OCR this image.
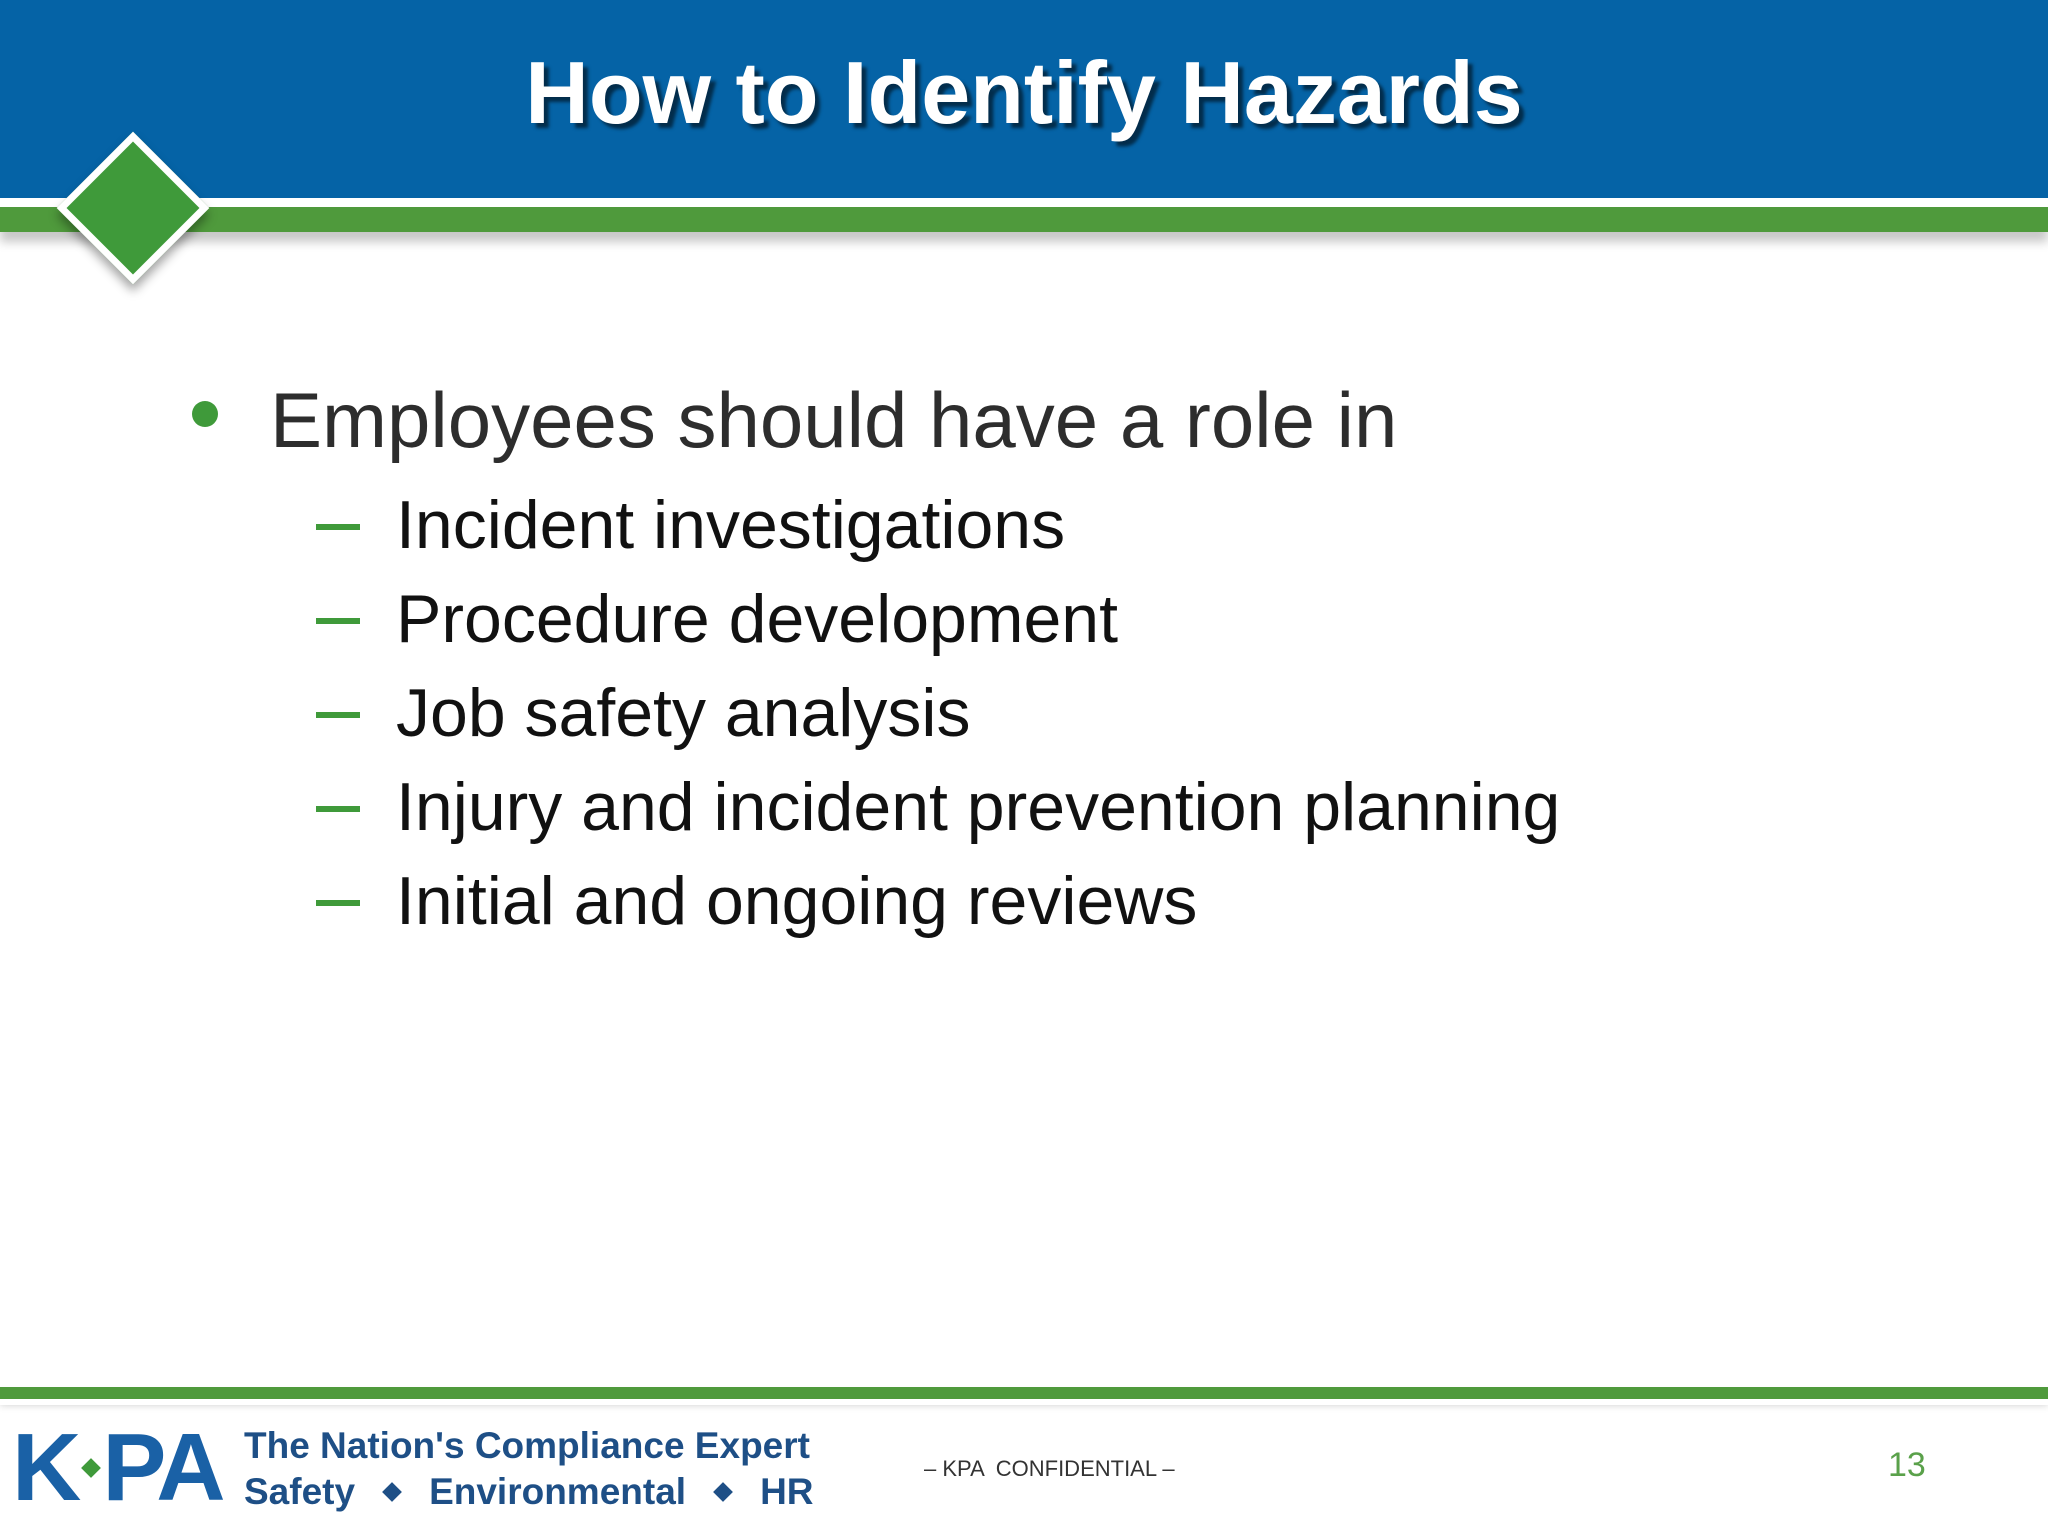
How to Identify Hazards
Employees should have a role in
Incident investigations
Procedure development
Job safety analysis
Injury and incident prevention planning
Initial and ongoing reviews
K PA The Nation's Compliance Expert
Safety Environmental HR
– KPA  CONFIDENTIAL –	13
